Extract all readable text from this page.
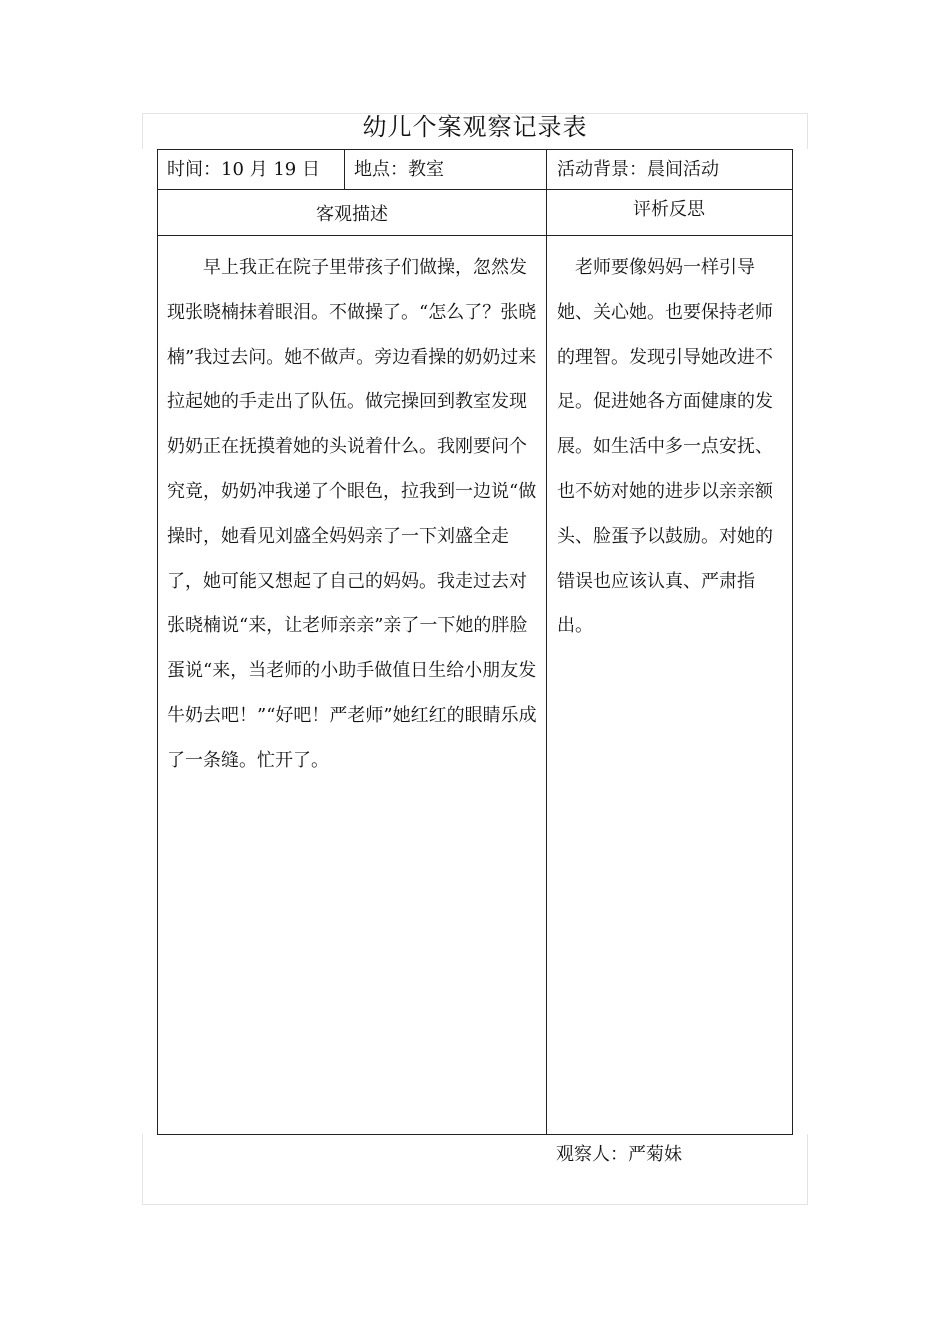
幼儿个案观察记录表
时间：10 月 19 日 地点：教室	活动背景：晨间活动
客观描述	评析反思
早上我正在院子里带孩子们做操，忽然发现张晓楠抹着眼泪。不做操了。“怎么了？张晓楠”我过去问。她不做声。旁边看操的奶奶过来拉起她的手走出了队伍。做完操回到教室发现奶奶正在抚摸着她的头说着什么。我刚要问个究竟，奶奶冲我递了个眼色，拉我到一边说“做操时，她看见刘盛全妈妈亲了一下刘盛全走了，她可能又想起了自己的妈妈。我走过去对张晓楠说“来，让老师亲亲”亲了一下她的胖脸蛋说“来，当老师的小助手做值日生给小朋友发牛奶去吧！”“好吧！严老师”她红红的眼睛乐成了一条缝。忙开了。
老师要像妈妈一样引导她、关心她。也要保持老师的理智。发现引导她改进不足。促进她各方面健康的发展。如生活中多一点安抚、也不妨对她的进步以亲亲额头、脸蛋予以鼓励。对她的错误也应该认真、严肃指出。
观察人：严菊妹
